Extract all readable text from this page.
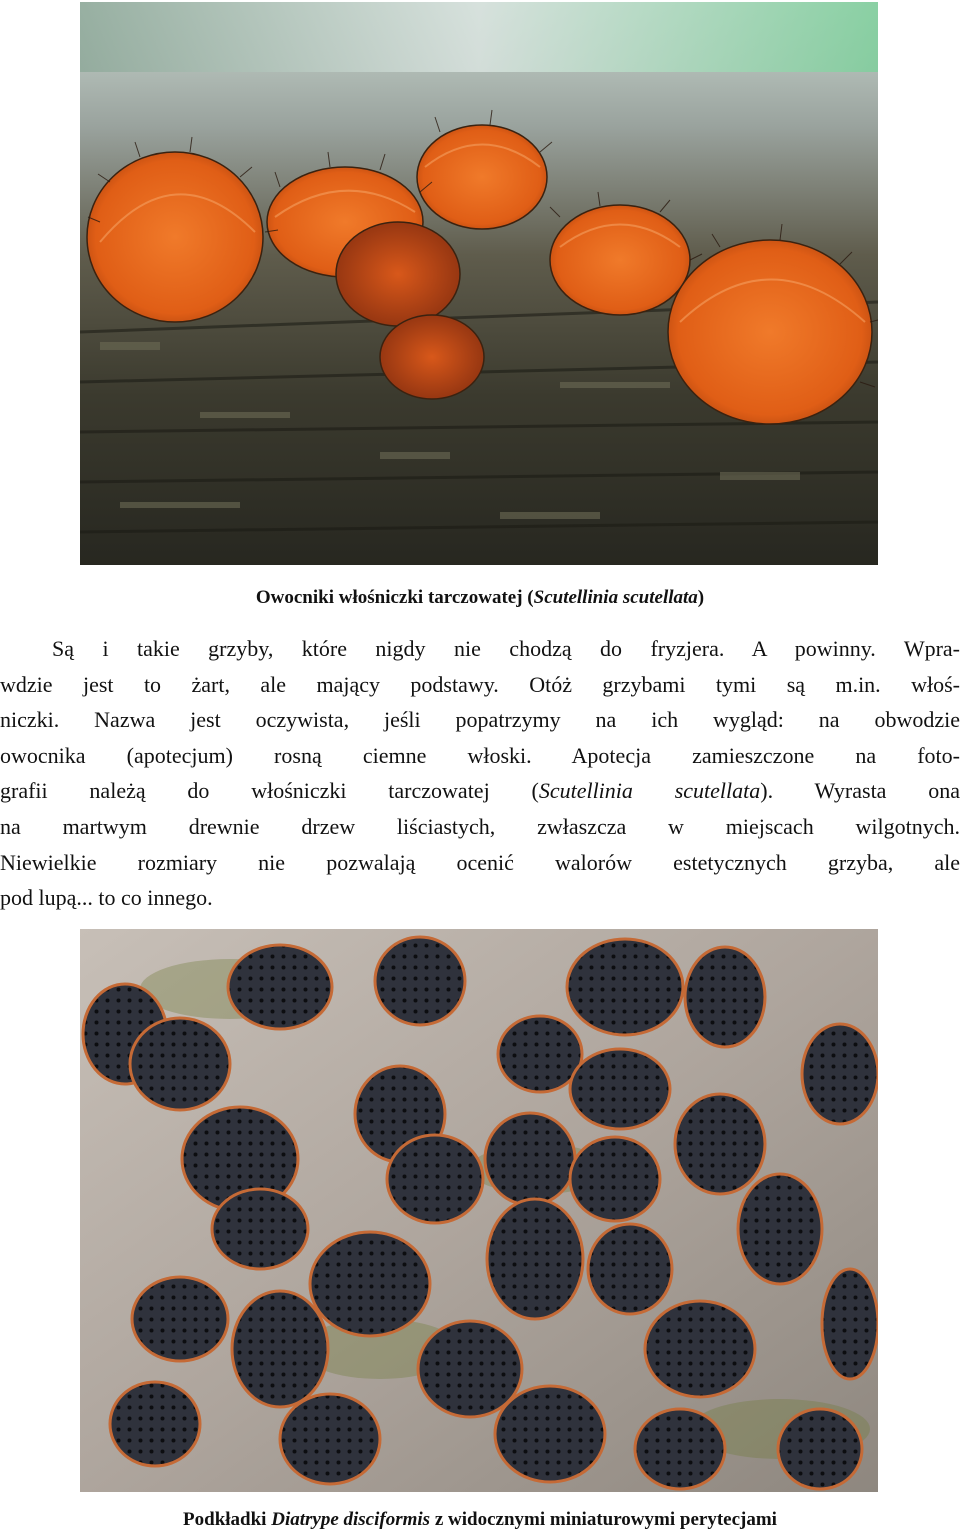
Owocniki włośniczki tarczowatej (Scutellinia scutellata)
Są i takie grzyby, które nigdy nie chodzą do fryzjera. A powinny. Wpra-
wdzie jest to żart, ale mający podstawy. Otóż grzybami tymi są m.in. włoś-
niczki. Nazwa jest oczywista, jeśli popatrzymy na ich wygląd: na obwodzie
owocnika (apotecjum) rosną ciemne włoski. Apotecja zamieszczone na foto-
grafii należą do włośniczki tarczowatej (Scutellinia scutellata). Wyrasta ona
na martwym drewnie drzew liściastych, zwłaszcza w miejscach wilgotnych.
Niewielkie rozmiary nie pozwalają ocenić walorów estetycznych grzyba, ale
pod lupą... to co innego.
Podkładki Diatrype disciformis z widocznymi miniaturowymi perytecjami
